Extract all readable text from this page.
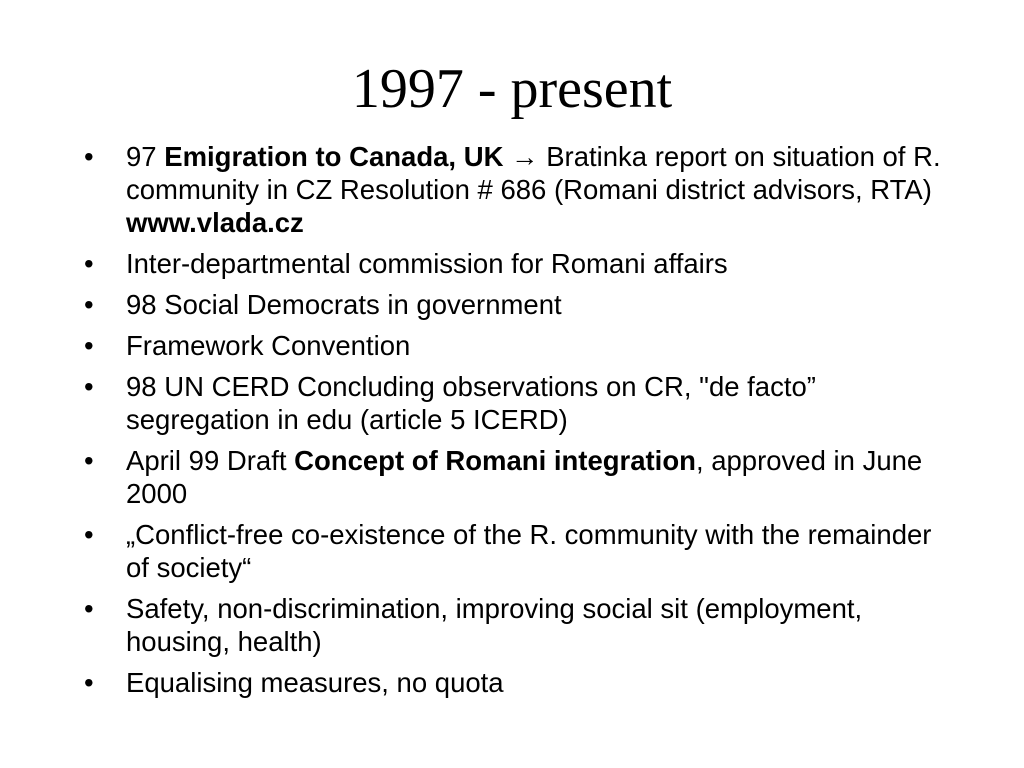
1997 - present
•	97 Emigration to Canada, UK → Bratinka report on situation of R. community in CZ Resolution # 686 (Romani district advisors, RTA) www.vlada.cz
•	Inter-departmental commission for Romani affairs
•	98 Social Democrats in government
•	Framework Convention
•	98 UN CERD Concluding observations on CR, "de facto” segregation in edu (article 5 ICERD)
•	April 99 Draft Concept of Romani integration, approved in June 2000
•	„Conflict-free co-existence of the R. community with the remainder of society“
•	Safety, non-discrimination, improving social sit (employment, housing, health)
•	Equalising measures, no quota
